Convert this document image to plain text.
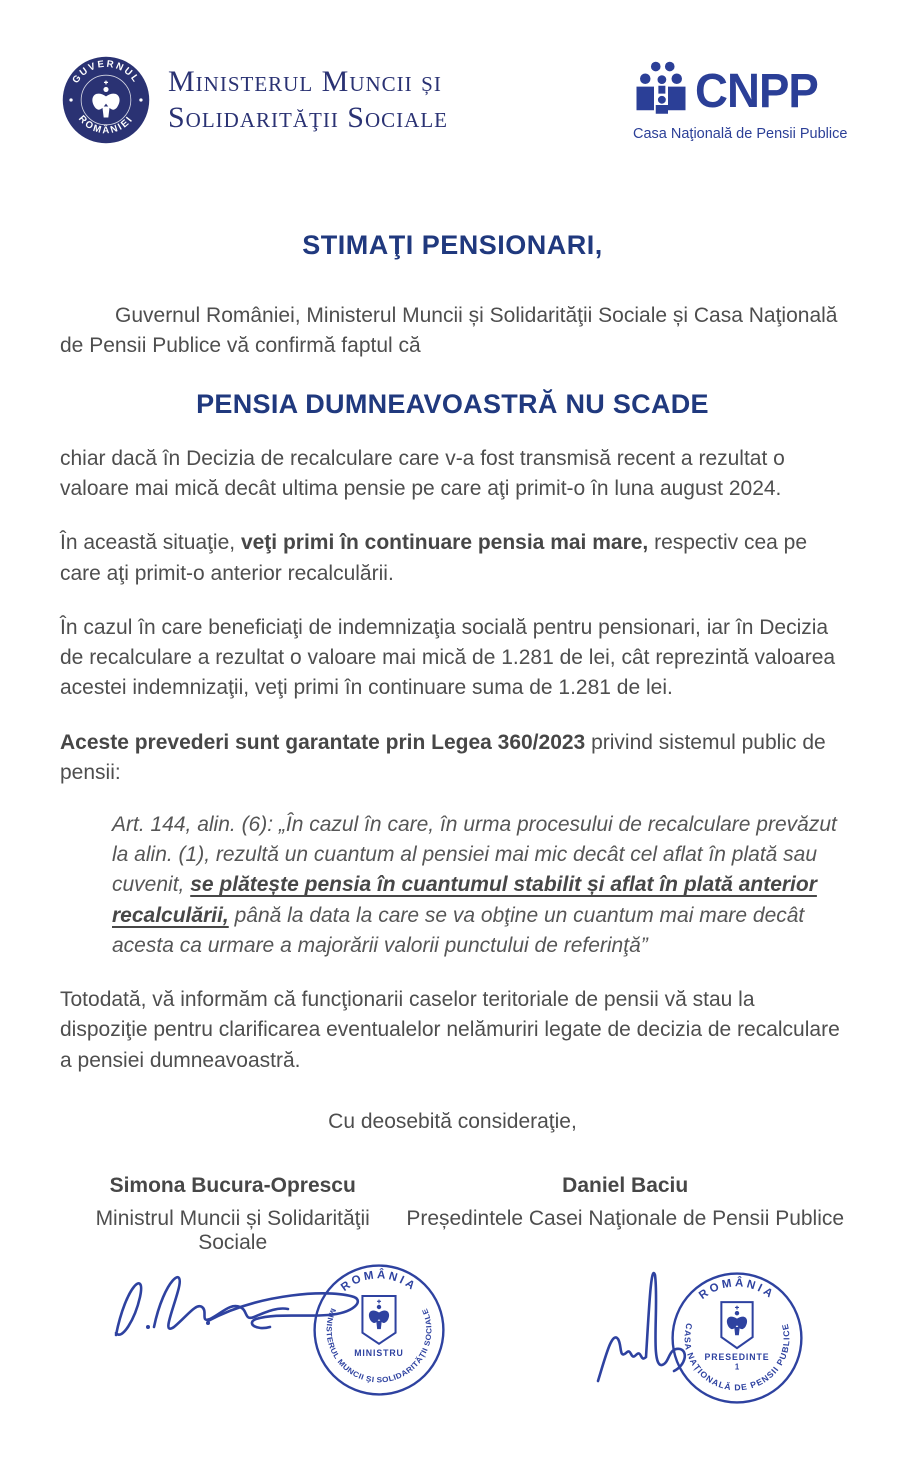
GUVERNUL
ROMÂNIEI
Ministerul Muncii și
Solidarităţii Sociale	CNPP
Casa Naţională de Pensii Publice
STIMAŢI PENSIONARI,

Guvernul României, Ministerul Muncii și Solidarităţii Sociale și Casa Naţională de Pensii Publice vă confirmă faptul că

PENSIA DUMNEAVOASTRĂ NU SCADE

chiar dacă în Decizia de recalculare care v-a fost transmisă recent a rezultat o valoare mai mică decât ultima pensie pe care aţi primit-o în luna august 2024.

În această situaţie, veţi primi în continuare pensia mai mare, respectiv cea pe care aţi primit-o anterior recalculării.

În cazul în care beneficiaţi de indemnizaţia socială pentru pensionari, iar în Decizia de recalculare a rezultat o valoare mai mică de 1.281 de lei, cât reprezintă valoarea acestei indemnizaţii, veţi primi în continuare suma de 1.281 de lei.

Aceste prevederi sunt garantate prin Legea 360/2023 privind sistemul public de pensii:

Art. 144, alin. (6): „În cazul în care, în urma procesului de recalculare prevăzut la alin. (1), rezultă un cuantum al pensiei mai mic decât cel aflat în plată sau cuvenit, se plătește pensia în cuantumul stabilit și aflat în plată anterior recalculării, până la data la care se va obţine un cuantum mai mare decât acesta ca urmare a majorării valorii punctului de referinţă”

Totodată, vă informăm că funcţionarii caselor teritoriale de pensii vă stau la dispoziţie pentru clarificarea eventualelor nelămuriri legate de decizia de recalculare a pensiei dumneavoastră.

Cu deosebită consideraţie,

Simona Bucura-Oprescu
Ministrul Muncii și Solidarităţii Sociale
Daniel Baciu
Președintele Casei Naţionale de Pensii Publice
ROMÂNIA
MINISTERUL MUNCII ȘI SOLIDARITĂȚII SOCIALE
MINISTRU
ROMÂNIA
CASA NAȚIONALĂ DE PENSII PUBLICE
PRESEDINTE
1
